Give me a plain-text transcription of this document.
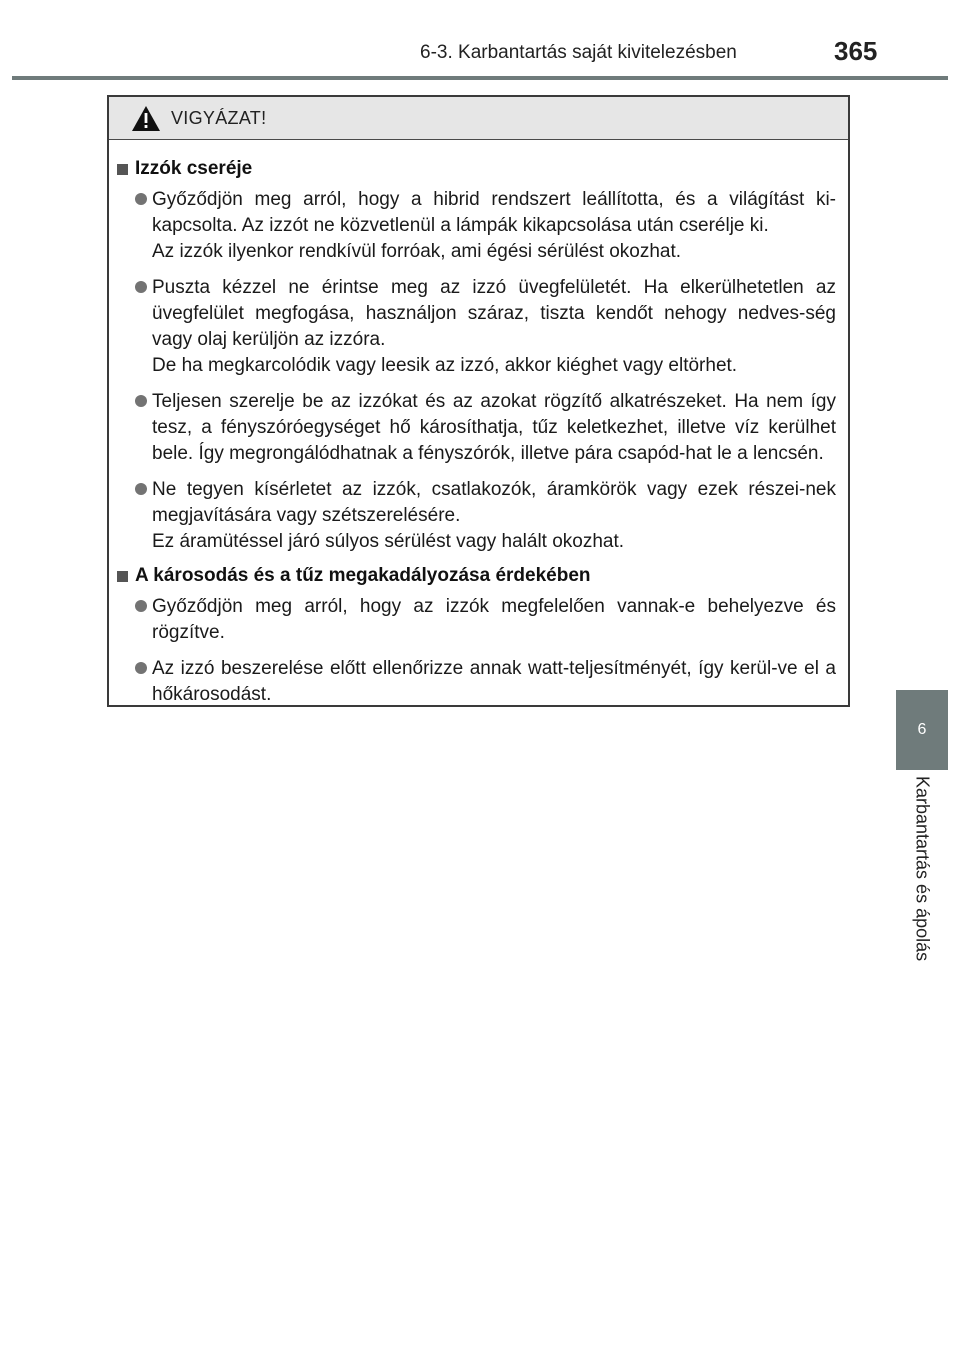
6-3. Karbantartás saját kivitelezésben	365
6
Karbantartás és ápolás
VIGYÁZAT!
Izzók cseréje
Győződjön meg arról, hogy a hibrid rendszert leállította, és a világítást ki-kapcsolta. Az izzót ne közvetlenül a lámpák kikapcsolása után cserélje ki.
Az izzók ilyenkor rendkívül forróak, ami égési sérülést okozhat.
Puszta kézzel ne érintse meg az izzó üvegfelületét. Ha elkerülhetetlen az üvegfelület megfogása, használjon száraz, tiszta kendőt nehogy nedves-ség vagy olaj kerüljön az izzóra.
De ha megkarcolódik vagy leesik az izzó, akkor kiéghet vagy eltörhet.
Teljesen szerelje be az izzókat és az azokat rögzítő alkatrészeket. Ha nem így tesz, a fényszóróegységet hő károsíthatja, tűz keletkezhet, illetve víz kerülhet bele. Így megrongálódhatnak a fényszórók, illetve pára csapód-hat le a lencsén.
Ne tegyen kísérletet az izzók, csatlakozók, áramkörök vagy ezek részei-nek megjavítására vagy szétszerelésére.
Ez áramütéssel járó súlyos sérülést vagy halált okozhat.
A károsodás és a tűz megakadályozása érdekében
Győződjön meg arról, hogy az izzók megfelelően vannak-e behelyezve és rögzítve.
Az izzó beszerelése előtt ellenőrizze annak watt-teljesítményét, így kerül-ve el a hőkárosodást.
